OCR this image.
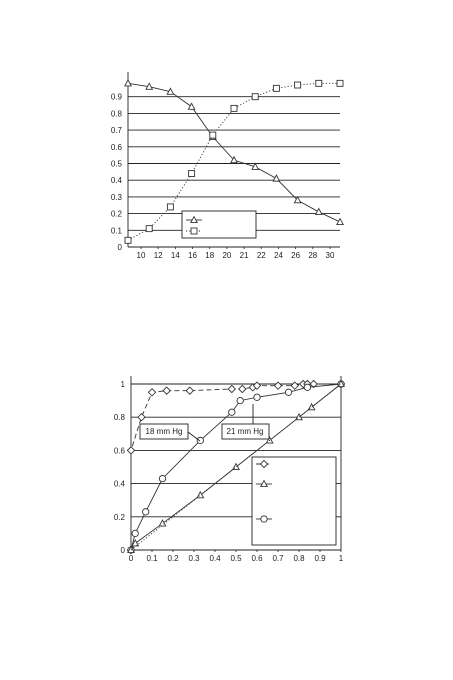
0
0.1
0.2
0.3
0.4
0.5
0.6
0.7
0.8
0.9
10 12 14 16 18 20 21 22 24 26 28 30
0
0.2
0.4
0.6
0.8
1
0 0.1 0.2 0.3 0.4 0.5 0.6 0.7 0.8 0.9 1
18 mm Hg	21 mm Hg
